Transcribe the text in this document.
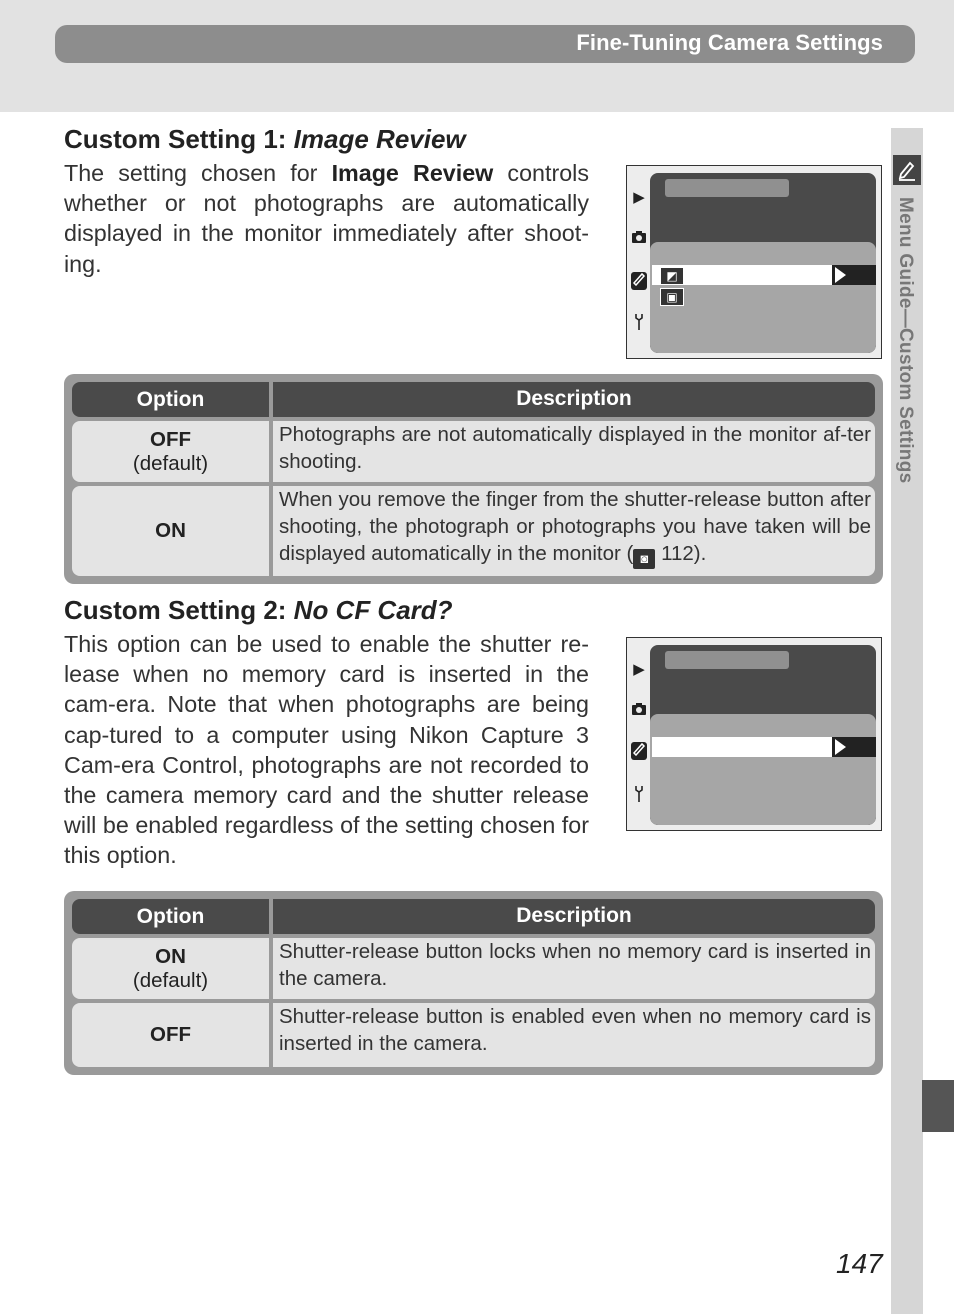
Fine-Tuning Camera Settings
Menu Guide—Custom Settings
Custom Setting 1: Image Review

The setting chosen for Image Review controls whether or not photographs are automatically displayed in the monitor immediately after shoot-ing.

▶
◩
▣
Option	Description
OFF
(default)
Photographs are not automatically displayed in the monitor af-ter shooting.
ON
When you remove the finger from the shutter-release button after shooting, the photograph or photographs you have taken will be displayed automatically in the monitor ( ◙ 112).
Custom Setting 2: No CF Card?

This option can be used to enable the shutter re-lease when no memory card is inserted in the cam-era. Note that when photographs are being cap-tured to a computer using Nikon Capture 3 Cam-era Control, photographs are not recorded to the camera memory card and the shutter release will be enabled regardless of the setting chosen for this option.

▶
Option	Description
ON
(default)
Shutter-release button locks when no memory card is inserted in the camera.
OFF
Shutter-release button is enabled even when no memory card is inserted in the camera.
147
